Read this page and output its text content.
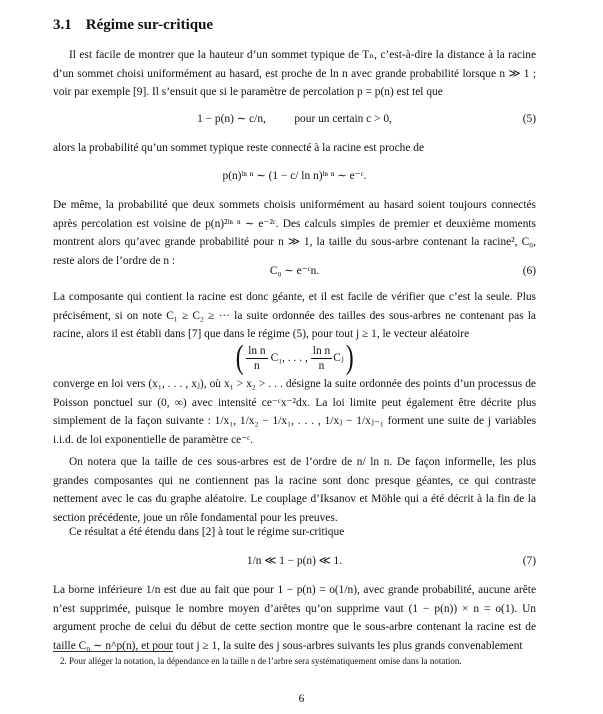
3.1 Régime sur-critique
Il est facile de montrer que la hauteur d’un sommet typique de Tₙ, c’est-à-dire la distance à la racine d’un sommet choisi uniformément au hasard, est proche de ln n avec grande probabilité lorsque n ≫ 1 ; voir par exemple [9]. Il s’ensuit que si le paramètre de percolation p = p(n) est tel que
1 − p(n) ∼ c/n,          pour un certain c > 0,	(5)
alors la probabilité qu’un sommet typique reste connecté à la racine est proche de
p(n)ˡⁿ ⁿ ∼ (1 − c/ ln n)ˡⁿ ⁿ ∼ e⁻ᶜ.
De même, la probabilité que deux sommets choisis uniformément au hasard soient toujours connectés après percolation est voisine de p(n)²ˡⁿ ⁿ ∼ e⁻²ᶜ. Des calculs simples de premier et deuxième moments montrent alors qu’avec grande probabilité pour n ≫ 1, la taille du sous-arbre contenant la racine², C₀, reste alors de l’ordre de n :
C₀ ∼ e⁻ᶜn.	(6)
La composante qui contient la racine est donc géante, et il est facile de vérifier que c’est la seule. Plus précisément, si on note C₁ ≥ C₂ ≥ ··· la suite ordonnée des tailles des sous-arbres ne contenant pas la racine, alors il est établi dans [7] que dans le régime (5), pour tout j ≥ 1, le vecteur aléatoire
( $\frac{\text{ln n}}{n} C_1$, . . . , $\frac{\text{ln n}}{n}$ Cⱼ )
converge en loi vers (x₁, . . . , xⱼ), où x₁ > x₂ > . . . désigne la suite ordonnée des points d’un processus de Poisson ponctuel sur (0, ∞) avec intensité ce⁻ᶜx⁻²dx. La loi limite peut également être décrite plus simplement de la façon suivante : 1/x₁, 1/x₂ − 1/x₁, . . . , 1/xⱼ − 1/xⱼ₋₁ forment une suite de j variables i.i.d. de loi exponentielle de paramètre ce⁻ᶜ.
On notera que la taille de ces sous-arbres est de l’ordre de n/ ln n. De façon informelle, les plus grandes composantes qui ne contiennent pas la racine sont donc presque géantes, ce qui contraste nettement avec le cas du graphe aléatoire. Le couplage d’Iksanov et Möhle qui a été décrit à la fin de la section précédente, joue un rôle fondamental pour les preuves.
Ce résultat a été étendu dans [2] à tout le régime sur-critique
1/n ≪ 1 − p(n) ≪ 1.	(7)
La borne inférieure 1/n est due au fait que pour 1 − p(n) = o(1/n), avec grande probabilité, aucune arête n’est supprimée, puisque le nombre moyen d’arêtes qu’on supprime vaut (1 − p(n)) × n = o(1). Un argument proche de celui du début de cette section montre que le sous-arbre contenant la racine est de taille C₀ ∼ n^p(n), et pour tout j ≥ 1, la suite des j sous-arbres suivants les plus grands convenablement
2. Pour alléger la notation, la dépendance en la taille n de l’arbre sera systématiquement omise dans la notation.
6
